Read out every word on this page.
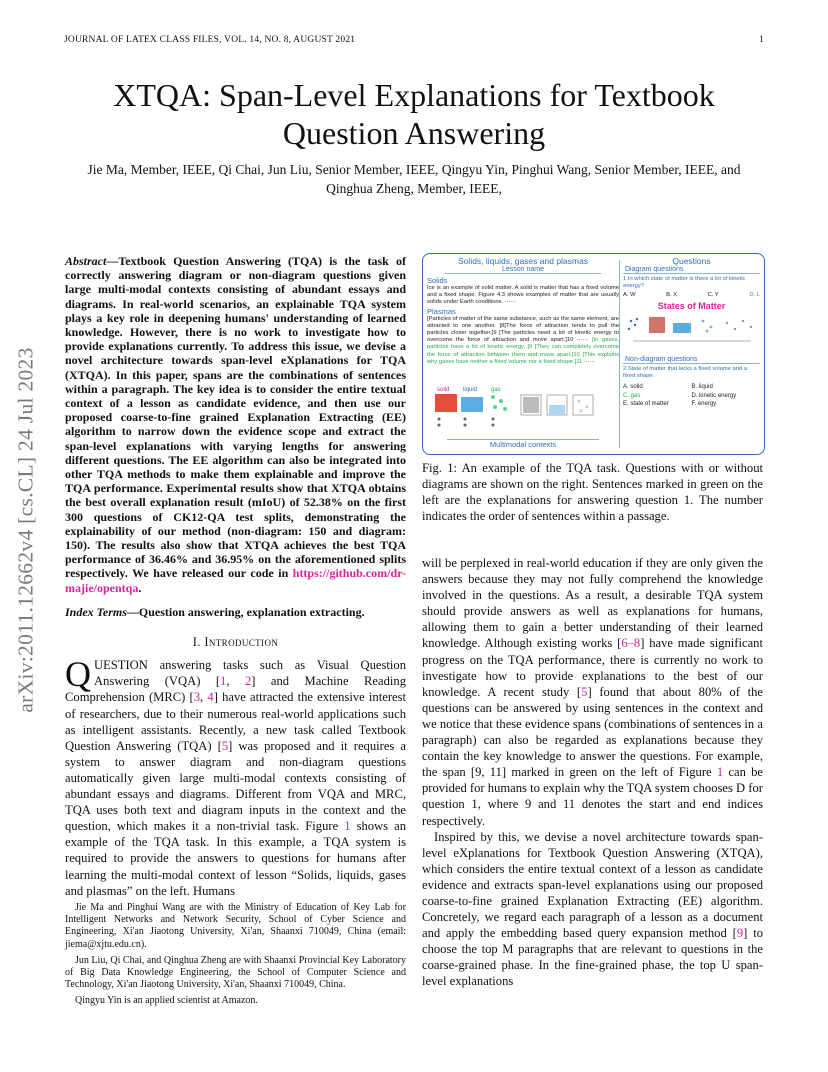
JOURNAL OF LATEX CLASS FILES, VOL. 14, NO. 8, AUGUST 2021	1
arXiv:2011.12662v4 [cs.CL] 24 Jul 2023
XTQA: Span-Level Explanations for Textbook Question Answering
Jie Ma, Member, IEEE, Qi Chai, Jun Liu, Senior Member, IEEE, Qingyu Yin, Pinghui Wang, Senior Member, IEEE, and Qinghua Zheng, Member, IEEE,

Abstract—Textbook Question Answering (TQA) is the task of correctly answering diagram or non-diagram questions given large multi-modal contexts consisting of abundant essays and diagrams. In real-world scenarios, an explainable TQA system plays a key role in deepening humans' understanding of learned knowledge. However, there is no work to investigate how to provide explanations currently. To address this issue, we devise a novel architecture towards span-level eXplanations for TQA (XTQA). In this paper, spans are the combinations of sentences within a paragraph. The key idea is to consider the entire textual context of a lesson as candidate evidence, and then use our proposed coarse-to-fine grained Explanation Extracting (EE) algorithm to narrow down the evidence scope and extract the span-level explanations with varying lengths for answering different questions. The EE algorithm can also be integrated into other TQA methods to make them explainable and improve the TQA performance. Experimental results show that XTQA obtains the best overall explanation result (mIoU) of 52.38% on the first 300 questions of CK12-QA test splits, demonstrating the explainability of our method (non-diagram: 150 and diagram: 150). The results also show that XTQA achieves the best TQA performance of 36.46% and 36.95% on the aforementioned splits respectively. We have released our code in https://github.com/dr-majie/opentqa.

Index Terms—Question answering, explanation extracting.

I. Introduction

QUESTION answering tasks such as Visual Question Answering (VQA) [1, 2] and Machine Reading Comprehension (MRC) [3, 4] have attracted the extensive interest of researchers, due to their numerous real-world applications such as intelligent assistants. Recently, a new task called Textbook Question Answering (TQA) [5] was proposed and it requires a system to answer diagram and non-diagram questions automatically given large multi-modal contexts consisting of abundant essays and diagrams. Different from VQA and MRC, TQA uses both text and diagram inputs in the context and the question, which makes it a non-trivial task. Figure 1 shows an example of the TQA task. In this example, a TQA system is required to provide the answers to questions for humans after learning the multi-modal context of lesson “Solids, liquids, gases and plasmas” on the left. Humans

Jie Ma and Pinghui Wang are with the Ministry of Education of Key Lab for Intelligent Networks and Network Security, School of Cyber Science and Engineering, Xi'an Jiaotong University, Xi'an, Shaanxi 710049, China (email: jiema@xjtu.edu.cn).

Jun Liu, Qi Chai, and Qinghua Zheng are with Shaanxi Provincial Key Laboratory of Big Data Knowledge Engineering, the School of Computer Science and Technology, Xi'an Jiaotong University, Xi'an, Shaanxi 710049, China.

Qingyu Yin is an applied scientist at Amazon.

Solids, liquids, gases and plasmas
Lesson name
Solids
Ice is an example of solid matter. A solid is matter that has a fixed volume and a fixed shape. Figure 4.3 shows examples of matter that are usually solids under Earth conditions. ······
Plasmas
[Particles of matter of the same substance, such as the same element, are attracted to one another. ]8[The force of attraction tends to pull the particles closer together.]9 [The particles need a lot of kinetic energy to overcome the force of attraction and move apart.]10 ······ [In gases, particles have a lot of kinetic energy. ]9 [They can completely overcome the force of attraction between them and move apart.]10 [This explains why gases have neither a fixed volume nor a fixed shape.]11 ······
solid liquid gas
Multimodal contexts
Questions
Diagram questions
1.In which state of matter is there a lot of kinetic energy?
A. W	B. X	C. Y	D. L
States of Matter
Non-diagram questions
2.State of matter that lacks a fixed volume and a fixed shape.
A. solid	B. liquid
C. gas	D. kinetic energy
E. state of matter	F. energy
Fig. 1: An example of the TQA task. Questions with or without diagrams are shown on the right. Sentences marked in green on the left are the explanations for answering question 1. The number indicates the order of sentences within a passage.

will be perplexed in real-world education if they are only given the answers because they may not fully comprehend the knowledge involved in the questions. As a result, a desirable TQA system should provide answers as well as explanations for humans, allowing them to gain a better understanding of their learned knowledge. Although existing works [6–8] have made significant progress on the TQA performance, there is currently no work to investigate how to provide explanations to the best of our knowledge. A recent study [5] found that about 80% of the questions can be answered by using sentences in the context and we notice that these evidence spans (combinations of sentences in a paragraph) can also be regarded as explanations because they contain the key knowledge to answer the questions. For example, the span [9, 11] marked in green on the left of Figure 1 can be provided for humans to explain why the TQA system chooses D for question 1, where 9 and 11 denotes the start and end indices respectively.

Inspired by this, we devise a novel architecture towards span-level eXplanations for Textbook Question Answering (XTQA), which considers the entire textual context of a lesson as candidate evidence and extracts span-level explanations using our proposed coarse-to-fine grained Explanation Extracting (EE) algorithm. Concretely, we regard each paragraph of a lesson as a document and apply the embedding based query expansion method [9] to choose the top M paragraphs that are relevant to questions in the coarse-grained phase. In the fine-grained phase, the top U span-level explanations
